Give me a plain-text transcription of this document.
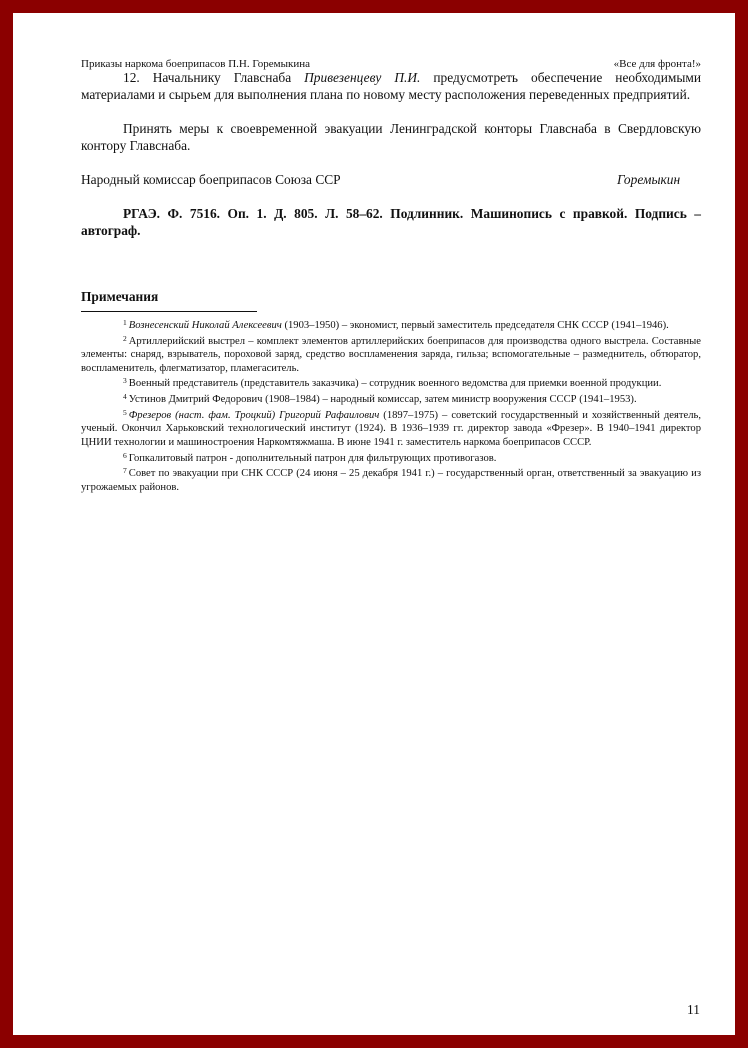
Приказы наркома боеприпасов П.Н. Горемыкина	«Все для фронта!»

12. Начальнику Главснаба Привезенцеву П.И. предусмотреть обеспечение необходимыми материалами и сырьем для выполнения плана по новому месту расположения переведенных предприятий.

Принять меры к своевременной эвакуации Ленинградской конторы Главснаба в Свердловскую контору Главснаба.

Народный комиссар боеприпасов Союза ССР	Горемыкин

РГАЭ. Ф. 7516. Оп. 1. Д. 805. Л. 58–62. Подлинник. Машинопись с правкой. Подпись – автограф.

Примечания

$^1$ Вознесенский Николай Алексеевич (1903–1950) – экономист, первый заместитель председателя СНК СССР (1941–1946).

$^2$ Артиллерийский выстрел – комплект элементов артиллерийских боеприпасов для производства одного выстрела. Составные элементы: снаряд, взрыватель, пороховой заряд, средство воспламенения заряда, гильза; вспомогательные – размеднитель, обтюратор, воспламенитель, флегматизатор, пламегаситель.

$^3$ Военный представитель (представитель заказчика) – сотрудник военного ведомства для приемки военной продукции.

$^4$ Устинов Дмитрий Федорович (1908–1984) – народный комиссар, затем министр вооружения СССР (1941–1953).

$^5$ Фрезеров (наст. фам. Троцкий) Григорий Рафаилович (1897–1975) – советский государственный и хозяйственный деятель, ученый. Окончил Харьковский технологический институт (1924). В 1936–1939 гг. директор завода «Фрезер». В 1940–1941 директор ЦНИИ технологии и машиностроения Наркомтяжмаша. В июне 1941 г. заместитель наркома боеприпасов СССР.

$^6$ Гопкалитовый патрон - дополнительный патрон для фильтрующих противогазов.

$^7$ Совет по эвакуации при СНК СССР (24 июня – 25 декабря 1941 г.) – государственный орган, ответственный за эвакуацию из угрожаемых районов.

11
